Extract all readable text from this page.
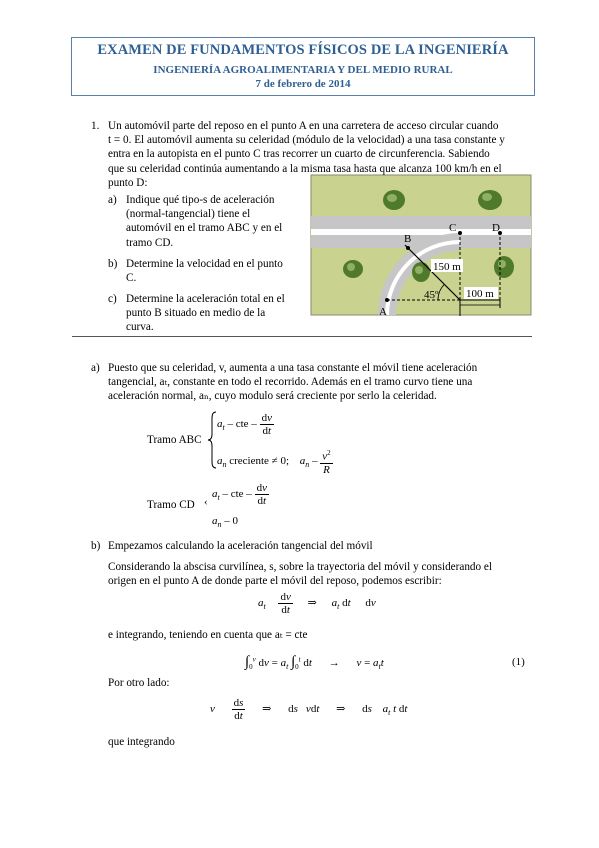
EXAMEN DE FUNDAMENTOS FÍSICOS DE LA INGENIERÍA
INGENIERÍA AGROALIMENTARIA Y DEL MEDIO RURAL
7 de febrero de 2014
1. Un automóvil parte del reposo en el punto A en una carretera de acceso circular cuando
t = 0. El automóvil aumenta su celeridad (módulo de la velocidad) a una tasa constante y
entra en la autopista en el punto C tras recorrer un cuarto de circunferencia. Sabiendo
que su celeridad continúa aumentando a la misma tasa hasta que alcanza 100 km/h en el
punto D:
a) Indique qué tipo-s de aceleración
(normal-tangencial) tiene el
automóvil en el tramo ABC y en el
tramo CD.
b) Determine la velocidad en el punto
C.
c) Determine la aceleración total en el
punto B situado en medio de la
curva.
A
B
C	D
150 m
45º	100 m
a) Puesto que su celeridad, v, aumenta a una tasa constante el móvil tiene aceleración
tangencial, aₜ, constante en todo el recorrido. Además en el tramo curvo tiene una
aceleración normal, aₙ, cuyo modulo será creciente por serlo la celeridad.
Tramo ABC
$a_t$ – cte – $\frac{dv}{dt}$
$a_n$ creciente ≠ 0; $a_n - \frac{v^2}{R}$
Tramo CD ‹
$a_t$ – cte – $\frac{dv}{dt}$
$a_n - 0$
b) Empezamos calculando la aceleración tangencial del móvil
Considerando la abscisa curvilínea, s, sobre la trayectoria del móvil y considerando el
origen en el punto A de donde parte el móvil del reposo, podemos escribir:
$a_t \frac{dv}{dt}$ ⇒ $a_t$ dt dv
e integrando, teniendo en cuenta que aₜ = cte
$\int_0^v$ dv = $a_t$ $\int_0^t$ dt → $v = a_tt$	(1)
Por otro lado:
v $\frac{ds}{dt}$ ⇒ ds vdt ⇒ ds $a_t$ t dt
que integrando
